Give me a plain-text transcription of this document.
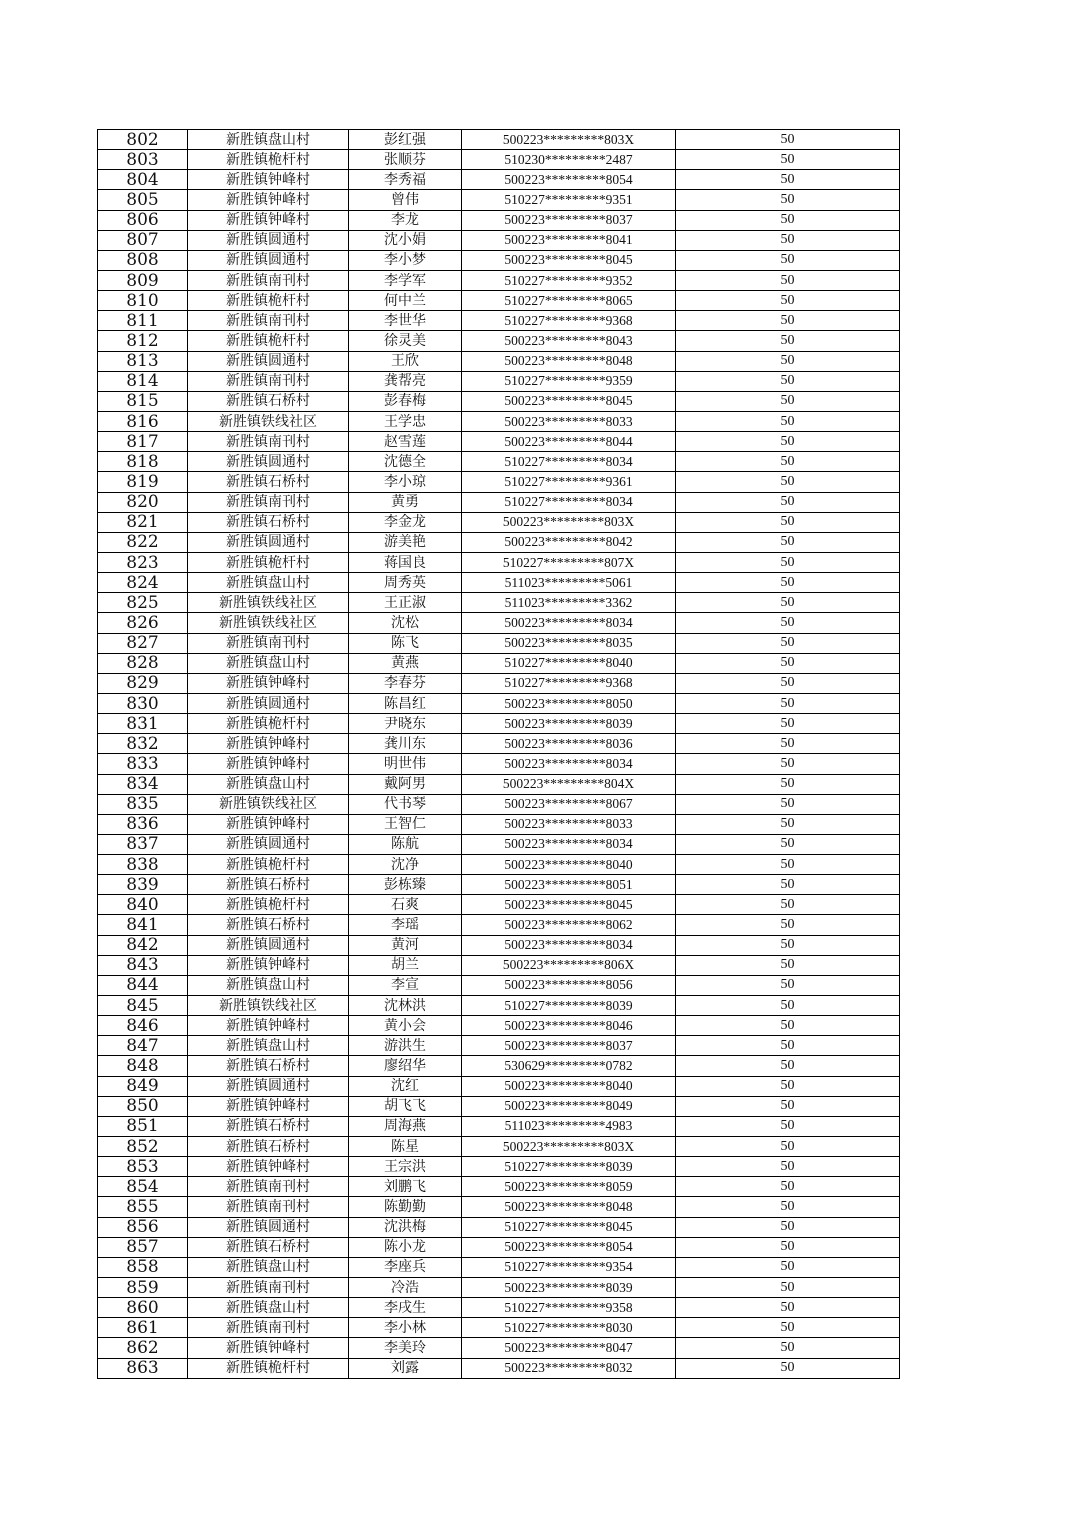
802	新胜镇盘山村	彭红强	500223*********803X	50
803	新胜镇桅杆村	张顺芬	510230*********2487	50
804	新胜镇钟峰村	李秀福	500223*********8054	50
805	新胜镇钟峰村	曾伟	510227*********9351	50
806	新胜镇钟峰村	李龙	500223*********8037	50
807	新胜镇圆通村	沈小娟	500223*********8041	50
808	新胜镇圆通村	李小梦	500223*********8045	50
809	新胜镇南刊村	李学军	510227*********9352	50
810	新胜镇桅杆村	何中兰	510227*********8065	50
811	新胜镇南刊村	李世华	510227*********9368	50
812	新胜镇桅杆村	徐灵美	500223*********8043	50
813	新胜镇圆通村	王欣	500223*********8048	50
814	新胜镇南刊村	龚帮亮	510227*********9359	50
815	新胜镇石桥村	彭春梅	500223*********8045	50
816	新胜镇铁线社区	王学忠	500223*********8033	50
817	新胜镇南刊村	赵雪莲	500223*********8044	50
818	新胜镇圆通村	沈德全	510227*********8034	50
819	新胜镇石桥村	李小琼	510227*********9361	50
820	新胜镇南刊村	黄勇	510227*********8034	50
821	新胜镇石桥村	李金龙	500223*********803X	50
822	新胜镇圆通村	游美艳	500223*********8042	50
823	新胜镇桅杆村	蒋国良	510227*********807X	50
824	新胜镇盘山村	周秀英	511023*********5061	50
825	新胜镇铁线社区	王正淑	511023*********3362	50
826	新胜镇铁线社区	沈松	500223*********8034	50
827	新胜镇南刊村	陈飞	500223*********8035	50
828	新胜镇盘山村	黄燕	510227*********8040	50
829	新胜镇钟峰村	李春芬	510227*********9368	50
830	新胜镇圆通村	陈昌红	500223*********8050	50
831	新胜镇桅杆村	尹晓东	500223*********8039	50
832	新胜镇钟峰村	龚川东	500223*********8036	50
833	新胜镇钟峰村	明世伟	500223*********8034	50
834	新胜镇盘山村	戴阿男	500223*********804X	50
835	新胜镇铁线社区	代书琴	500223*********8067	50
836	新胜镇钟峰村	王智仁	500223*********8033	50
837	新胜镇圆通村	陈航	500223*********8034	50
838	新胜镇桅杆村	沈净	500223*********8040	50
839	新胜镇石桥村	彭栋臻	500223*********8051	50
840	新胜镇桅杆村	石爽	500223*********8045	50
841	新胜镇石桥村	李瑶	500223*********8062	50
842	新胜镇圆通村	黄河	500223*********8034	50
843	新胜镇钟峰村	胡兰	500223*********806X	50
844	新胜镇盘山村	李宣	500223*********8056	50
845	新胜镇铁线社区	沈林洪	510227*********8039	50
846	新胜镇钟峰村	黄小会	500223*********8046	50
847	新胜镇盘山村	游洪生	500223*********8037	50
848	新胜镇石桥村	廖绍华	530629*********0782	50
849	新胜镇圆通村	沈红	500223*********8040	50
850	新胜镇钟峰村	胡飞飞	500223*********8049	50
851	新胜镇石桥村	周海燕	511023*********4983	50
852	新胜镇石桥村	陈星	500223*********803X	50
853	新胜镇钟峰村	王宗洪	510227*********8039	50
854	新胜镇南刊村	刘鹏飞	500223*********8059	50
855	新胜镇南刊村	陈勤勤	500223*********8048	50
856	新胜镇圆通村	沈洪梅	510227*********8045	50
857	新胜镇石桥村	陈小龙	500223*********8054	50
858	新胜镇盘山村	李座兵	510227*********9354	50
859	新胜镇南刊村	冷浩	500223*********8039	50
860	新胜镇盘山村	李戌生	510227*********9358	50
861	新胜镇南刊村	李小林	510227*********8030	50
862	新胜镇钟峰村	李美玲	500223*********8047	50
863	新胜镇桅杆村	刘露	500223*********8032	50
